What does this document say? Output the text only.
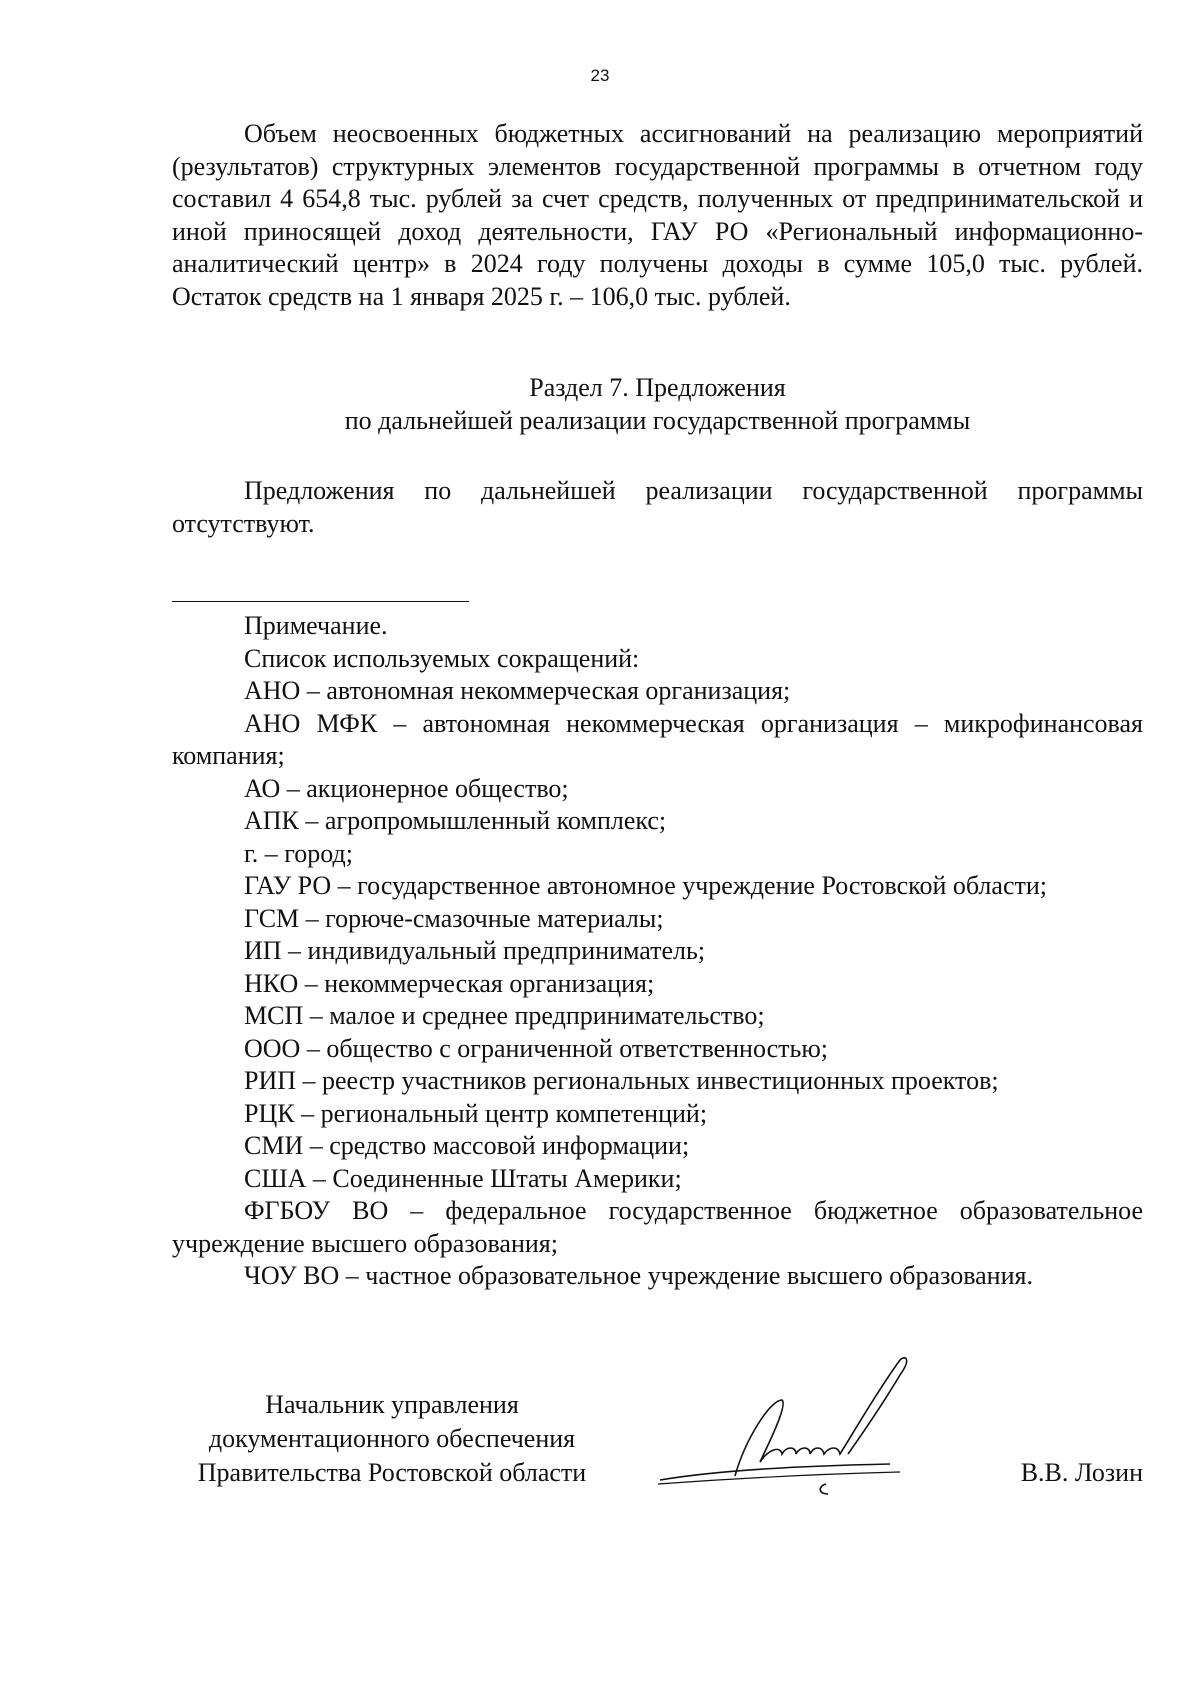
23

Объем неосвоенных бюджетных ассигнований на реализацию мероприятий (результатов) структурных элементов государственной программы в отчетном году составил 4 654,8 тыс. рублей за счет средств, полученных от предпринимательской и иной приносящей доход деятельности, ГАУ РО «Региональный информационно-аналитический центр» в 2024 году получены доходы в сумме 105,0 тыс. рублей. Остаток средств на 1 января 2025 г. – 106,0 тыс. рублей.

Раздел 7. Предложения

по дальнейшей реализации государственной программы

Предложения по дальнейшей реализации государственной программы отсутствуют.

Примечание.

Список используемых сокращений:

АНО – автономная некоммерческая организация;

АНО МФК – автономная некоммерческая организация – микрофинансовая компания;

АО – акционерное общество;

АПК – агропромышленный комплекс;

г. – город;

ГАУ РО – государственное автономное учреждение Ростовской области;

ГСМ – горюче-смазочные материалы;

ИП – индивидуальный предприниматель;

НКО – некоммерческая организация;

МСП – малое и среднее предпринимательство;

ООО – общество с ограниченной ответственностью;

РИП – реестр участников региональных инвестиционных проектов;

РЦК – региональный центр компетенций;

СМИ – средство массовой информации;

США – Соединенные Штаты Америки;

ФГБОУ ВО – федеральное государственное бюджетное образовательное учреждение высшего образования;

ЧОУ ВО – частное образовательное учреждение высшего образования.

Начальник управления
документационного обеспечения
Правительства Ростовской области	В.В. Лозин
